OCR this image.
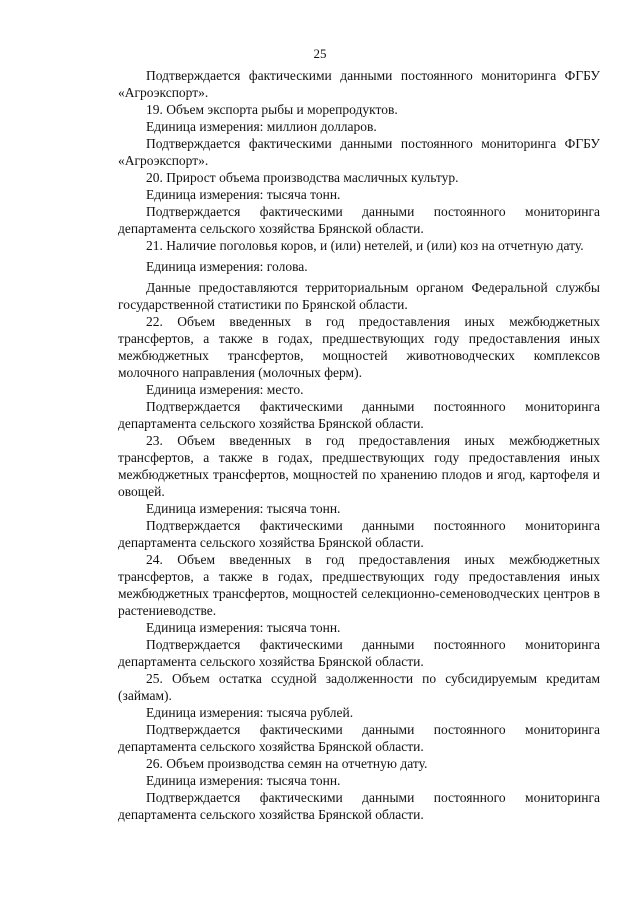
25

Подтверждается фактическими данными постоянного мониторинга ФГБУ «Агроэкспорт».

19. Объем экспорта рыбы и морепродуктов.

Единица измерения: миллион долларов.

Подтверждается фактическими данными постоянного мониторинга ФГБУ «Агроэкспорт».

20. Прирост объема производства масличных культур.

Единица измерения: тысяча тонн.

Подтверждается фактическими данными постоянного мониторинга департамента сельского хозяйства Брянской области.

21. Наличие поголовья коров, и (или) нетелей, и (или) коз на отчетную дату.

Единица измерения: голова.

Данные предоставляются территориальным органом Федеральной службы государственной статистики по Брянской области.

22. Объем введенных в год предоставления иных межбюджетных трансфертов, а также в годах, предшествующих году предоставления иных межбюджетных трансфертов, мощностей животноводческих комплексов молочного направления (молочных ферм).

Единица измерения: место.

Подтверждается фактическими данными постоянного мониторинга департамента сельского хозяйства Брянской области.

23. Объем введенных в год предоставления иных межбюджетных трансфертов, а также в годах, предшествующих году предоставления иных межбюджетных трансфертов, мощностей по хранению плодов и ягод, картофеля и овощей.

Единица измерения: тысяча тонн.

Подтверждается фактическими данными постоянного мониторинга департамента сельского хозяйства Брянской области.

24. Объем введенных в год предоставления иных межбюджетных трансфертов, а также в годах, предшествующих году предоставления иных межбюджетных трансфертов, мощностей селекционно-семеноводческих центров в растениеводстве.

Единица измерения: тысяча тонн.

Подтверждается фактическими данными постоянного мониторинга департамента сельского хозяйства Брянской области.

25. Объем остатка ссудной задолженности по субсидируемым кредитам (займам).

Единица измерения: тысяча рублей.

Подтверждается фактическими данными постоянного мониторинга департамента сельского хозяйства Брянской области.

26. Объем производства семян на отчетную дату.

Единица измерения: тысяча тонн.

Подтверждается фактическими данными постоянного мониторинга департамента сельского хозяйства Брянской области.
